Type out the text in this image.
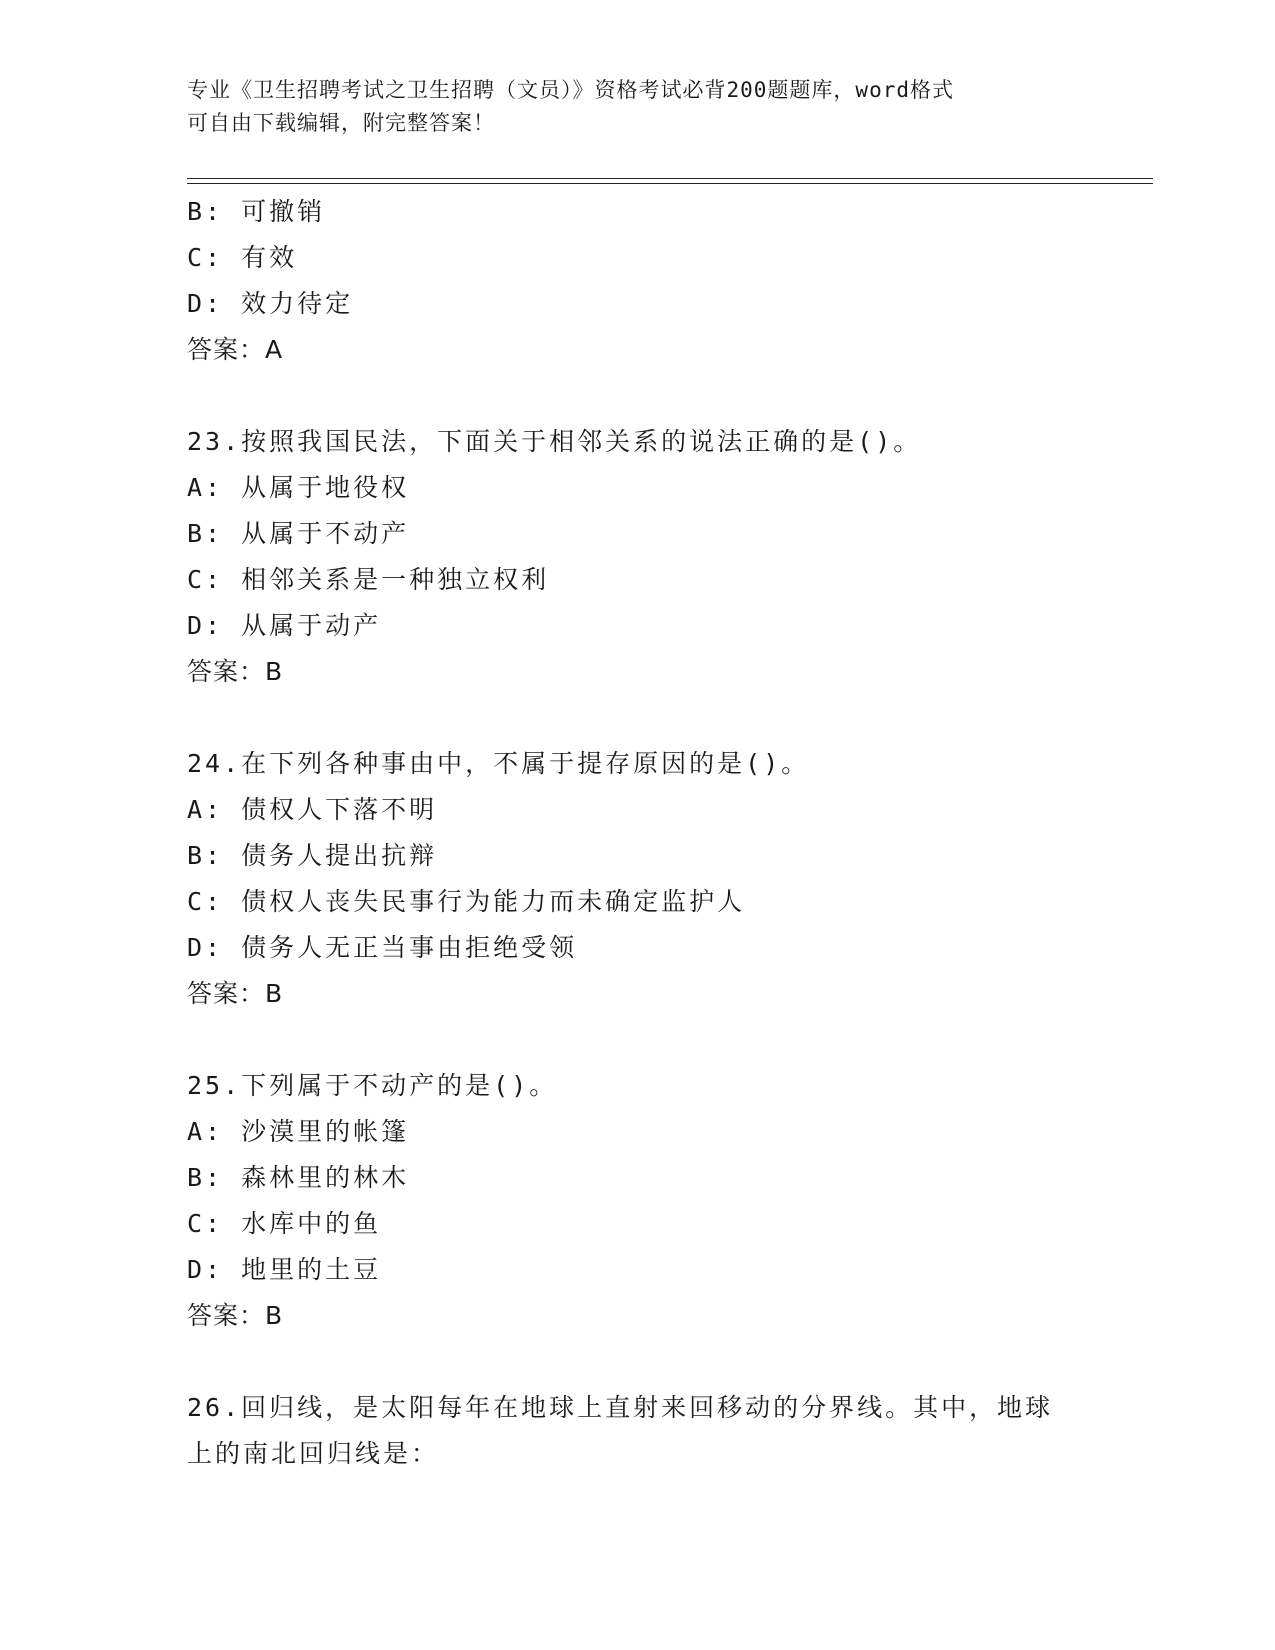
专业《卫生招聘考试之卫生招聘（文员）》资格考试必背200题题库，word格式
可自由下载编辑，附完整答案！
B: 可撤销
C: 有效
D: 效力待定
答案：A
23.按照我国民法，下面关于相邻关系的说法正确的是()。
A: 从属于地役权
B: 从属于不动产
C: 相邻关系是一种独立权利
D: 从属于动产
答案：B
24.在下列各种事由中，不属于提存原因的是()。
A: 债权人下落不明
B: 债务人提出抗辩
C: 债权人丧失民事行为能力而未确定监护人
D: 债务人无正当事由拒绝受领
答案：B
25.下列属于不动产的是()。
A: 沙漠里的帐篷
B: 森林里的林木
C: 水库中的鱼
D: 地里的土豆
答案：B
26.回归线，是太阳每年在地球上直射来回移动的分界线。其中，地球
上的南北回归线是：
